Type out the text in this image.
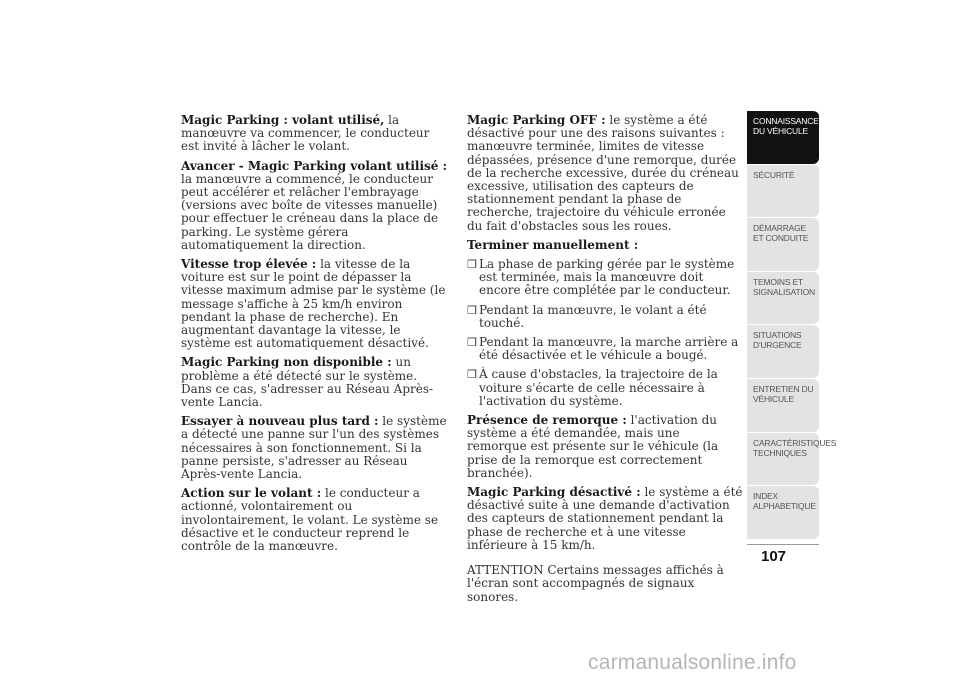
Magic Parking : volant utilisé, la manœuvre va commencer, le conducteur est invité à lâcher le volant.

Avancer - Magic Parking volant utilisé : la manœuvre a commencé, le conducteur peut accélérer et relâcher l'embrayage (versions avec boîte de vitesses manuelle) pour effectuer le créneau dans la place de parking. Le système gérera automatiquement la direction.

Vitesse trop élevée : la vitesse de la voiture est sur le point de dépasser la vitesse maximum admise par le système (le message s'affiche à 25 km/h environ pendant la phase de recherche). En augmentant davantage la vitesse, le système est automatiquement désactivé.

Magic Parking non disponible : un problème a été détecté sur le système. Dans ce cas, s'adresser au Réseau Après-vente Lancia.

Essayer à nouveau plus tard : le système a détecté une panne sur l'un des systèmes nécessaires à son fonctionnement. Si la panne persiste, s'adresser au Réseau Après-vente Lancia.

Action sur le volant : le conducteur a actionné, volontairement ou involontairement, le volant. Le système se désactive et le conducteur reprend le contrôle de la manœuvre.

Magic Parking OFF : le système a été désactivé pour une des raisons suivantes : manœuvre terminée, limites de vitesse dépassées, présence d'une remorque, durée de la recherche excessive, durée du créneau excessive, utilisation des capteurs de stationnement pendant la phase de recherche, trajectoire du véhicule erronée du fait d'obstacles sous les roues.

Terminer manuellement :

❒ La phase de parking gérée par le système est terminée, mais la manœuvre doit encore être complétée par le conducteur.
❒ Pendant la manœuvre, le volant a été touché.
❒ Pendant la manœuvre, la marche arrière a été désactivée et le véhicule a bougé.
❒ À cause d'obstacles, la trajectoire de la voiture s'écarte de celle nécessaire à l'activation du système.

Présence de remorque : l'activation du système a été demandée, mais une remorque est présente sur le véhicule (la prise de la remorque est correctement branchée).

Magic Parking désactivé : le système a été désactivé suite à une demande d'activation des capteurs de stationnement pendant la phase de recherche et à une vitesse inférieure à 15 km/h.

ATTENTION Certains messages affichés à l'écran sont accompagnés de signaux sonores.

CONNAISSANCE DU VÉHICULE
SÉCURITÉ
DÉMARRAGE ET CONDUITE
TEMOINS ET SIGNALISATION
SITUATIONS D'URGENCE
ENTRETIEN DU VÉHICULE
CARACTÉRISTIQUES TECHNIQUES
INDEX ALPHABETIQUE
107
carmanualsonline.info
